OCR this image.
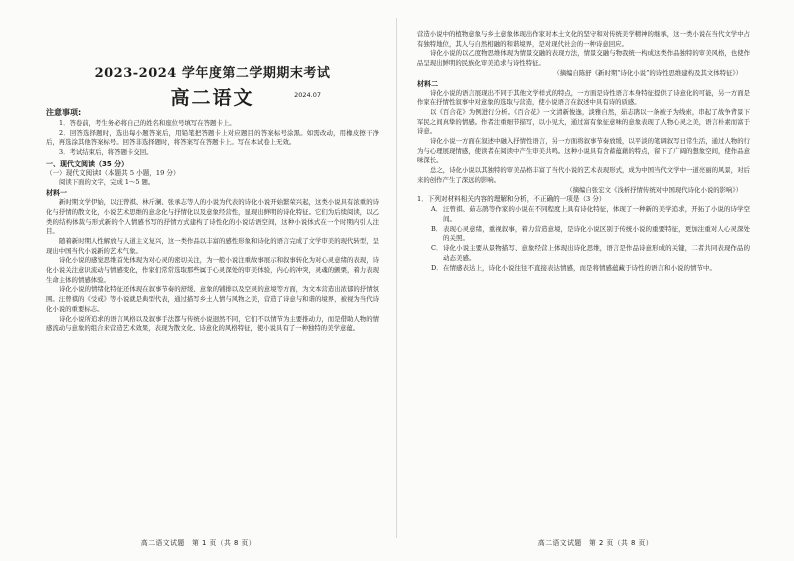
2023-2024 学年度第二学期期末考试
高二语文	2024.07
注意事项:

1．答卷前，考生务必将自己的姓名和座位号填写在答题卡上。

2．回答选择题时，选出每小题答案后，用铅笔把答题卡上对应题目的答案标号涂黑。如需改动，用橡皮擦干净后，再选涂其他答案标号。回答非选择题时，将答案写在答题卡上。写在本试卷上无效。

3．考试结束后，将答题卡交回。

一、现代文阅读（35 分）
（一）现代文阅读Ⅰ（本题共 5 小题，19 分）

阅读下面的文字，完成 1～5 题。

材料一

新时期文学伊始，以汪曾祺、林斤澜、张承志等人的小说为代表的诗化小说开始繁荣兴起，这类小说具有浓重的诗化与抒情的散文化，小说艺术思维的意念化与抒情化以及意象经营性，显现出鲜明的诗化特征。它们为后续阅读，以乙类的结构体裁与形式新的个人情感书写的抒情方式建构了诗性化的小说话语空间，这种小说体式在一个时期内引人注目。

随着新时期人性解放与人道主义复兴，这一类作品以丰富的感性形象和诗化的语言完成了文学审美的现代转型，呈现出中国当代小说新的艺术气象。

诗化小说的感觉思维首先体现为对心灵的密切关注，为一般小说注重故事展示和叙事转化为对心灵意绪的表现，诗化小说关注意识流动与情感变化，作家们常常选取那些属于心灵深处的审美体验，内心的冲突，灵魂的颤栗，着力表现生命主体的情感体验。

诗化小说的情绪化特征还体现在叙事节奏的舒缓、意象的铺排以及空灵的意境等方面，为文本营造出浓郁的抒情氛围。汪曾祺的《受戒》等小说就是典型代表，通过描写乡土人情与风物之美，营造了诗意与和谐的境界，被视为当代诗化小说的重要标志。

诗化小说所追求的语言风格以及叙事手法都与传统小说迥然不同，它们不以情节为主要推动力，而是借助人物的情感流动与意象的组合来营造艺术效果，表现为散文化、诗意化的风格特征，使小说具有了一种独特的美学意蕴。

高二语文试题　第 1 页（共 8 页）

营造小说中的植物意象与乡土意象体现出作家对本土文化的坚守和对传统美学精神的继承，这一类小说在当代文学中占有独特地位，其人与自然相融的和谐境界，是对现代社会的一种诗意回应。

诗化小说的以乙度物思维体现为情景交融的表现方法，情景交融与物我统一构成这类作品独特的审美风格，也使作品呈现出鲜明的民族化审美追求与诗性特征。

（摘编自陈舒《新时期“诗化小说”的诗性思维建构及其文体特征》）
材料二

诗化小说的语言展现出不同于其他文学样式的特点，一方面是诗性语言本身特征提供了诗意化的可能，另一方面是作家在抒情性叙事中对意象的选取与营造，使小说语言在叙述中具有诗的质感。

以《百合花》为例进行分析。《百合花》一文清新俊逸，淡雅自然，茹志鹃以一条被子为线索，串起了战争背景下军民之间真挚的情感。作者注重细节描写，以小见大，通过富有象征意味的意象表现了人物心灵之美，语言朴素而富于诗意。

诗化小说一方面在叙述中融入抒情性语言，另一方面将叙事节奏放缓，以平淡的笔调叙写日常生活，通过人物的行为与心理展现情感，使读者在阅读中产生审美共鸣。这种小说具有含蓄蕴藉的特点，留下了广阔的想象空间，使作品意味深长。

总之，诗化小说以其独特的审美品格丰富了当代小说的艺术表现形式，成为中国当代文学中一道亮丽的风景，对后来的创作产生了深远的影响。

（摘编自张宏文《浅析抒情传统对中国现代诗化小说的影响》）

1．下列对材料相关内容的理解和分析，不正确的一项是（3 分）

A． 汪曾祺、茹志鹃等作家的小说在不同程度上具有诗化特征，体现了一种新的美学追求，开拓了小说的诗学空间。
B． 表现心灵意绪，重视叙事，着力营造意境，是诗化小说区别于传统小说的重要特征，更加注重对人心灵深处的关照。
C． 诗化小说主要从景物描写、意象经营上体现出诗化思维，语言是作品诗意形成的关键，二者共同表现作品的动态美感。
D． 在情感表达上，诗化小说往往不直接表达情感，而是将情感蕴藏于诗性的语言和小说的情节中。
高二语文试题　第 2 页（共 8 页）
